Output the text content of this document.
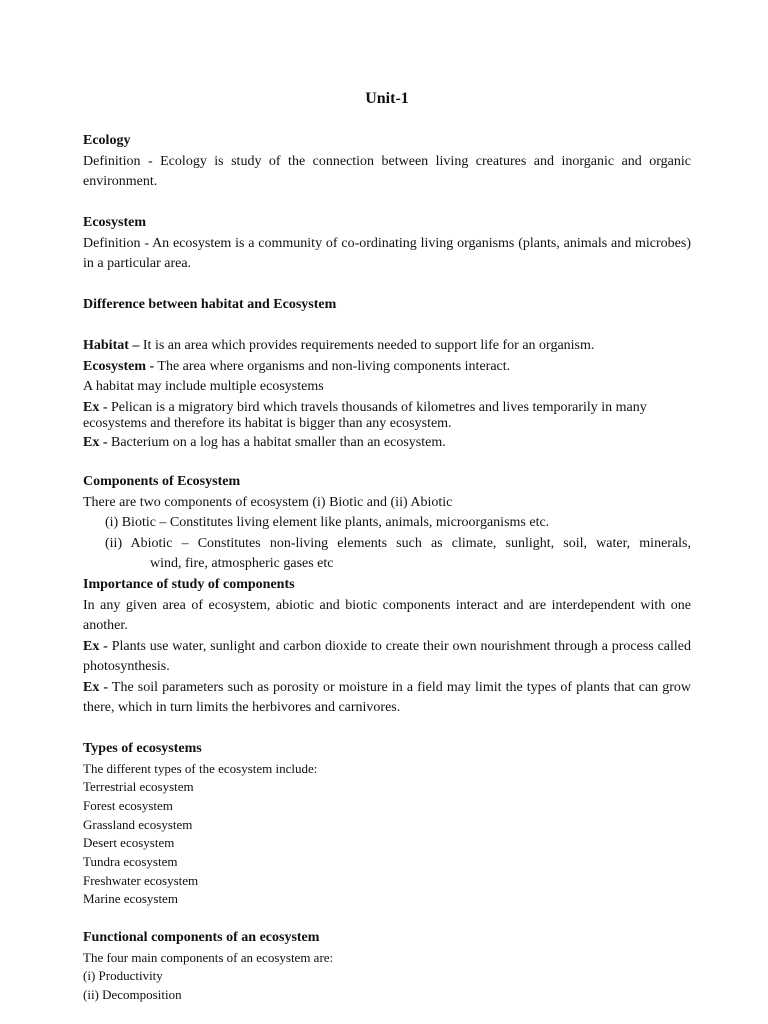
Unit-1
Ecology
Definition - Ecology is study of the connection between living creatures and inorganic and organic environment.
Ecosystem
Definition - An ecosystem is a community of co-ordinating living organisms (plants, animals and microbes) in a particular area.
Difference between habitat and Ecosystem
Habitat – It is an area which provides requirements needed to support life for an organism.
Ecosystem - The area where organisms and non-living components interact.
A habitat may include multiple ecosystems
Ex - Pelican is a migratory bird which travels thousands of kilometres and lives temporarily in many ecosystems and therefore its habitat is bigger than any ecosystem.
Ex - Bacterium on a log has a habitat smaller than an ecosystem.
Components of Ecosystem
There are two components of ecosystem (i) Biotic and (ii) Abiotic
(i) Biotic – Constitutes living element like plants, animals, microorganisms etc.
(ii) Abiotic – Constitutes non-living elements such as climate, sunlight, soil, water, minerals,
wind, fire, atmospheric gases etc
Importance of study of components
In any given area of ecosystem, abiotic and biotic components interact and are interdependent with one another.
Ex - Plants use water, sunlight and carbon dioxide to create their own nourishment through a process called photosynthesis.
Ex - The soil parameters such as porosity or moisture in a field may limit the types of plants that can grow there, which in turn limits the herbivores and carnivores.
Types of ecosystems
The different types of the ecosystem include:
Terrestrial ecosystem
Forest ecosystem
Grassland ecosystem
Desert ecosystem
Tundra ecosystem
Freshwater ecosystem
Marine ecosystem
Functional components of an ecosystem
The four main components of an ecosystem are:
(i) Productivity
(ii) Decomposition
